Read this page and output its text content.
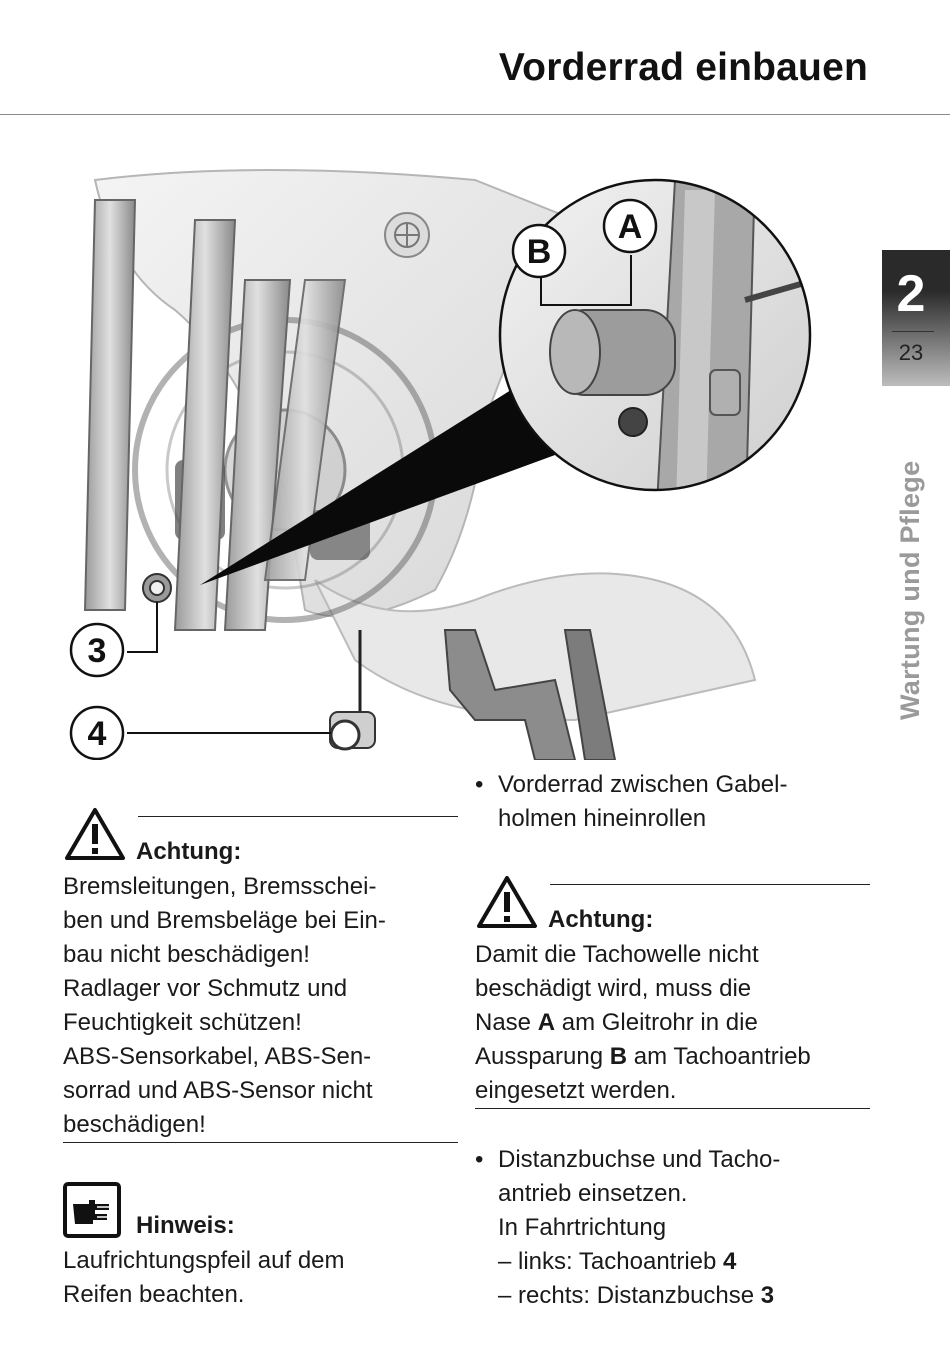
Vorderrad einbauen
2
23
Wartung und Pflege
A
B
3
4
Achtung:
Bremsleitungen, Bremsschei-
ben und Bremsbeläge bei Ein-
bau nicht beschädigen!
Radlager vor Schmutz und
Feuchtigkeit schützen!
ABS-Sensorkabel, ABS-Sen-
sorrad und ABS-Sensor nicht
beschädigen!
Hinweis:
Laufrichtungspfeil auf dem
Reifen beachten.
• Vorderrad zwischen Gabel-
holmen hineinrollen
Achtung:
Damit die Tachowelle nicht
beschädigt wird, muss die
Nase A am Gleitrohr in die
Aussparung B am Tachoantrieb
eingesetzt werden.
• Distanzbuchse und Tacho-
antrieb einsetzen.
In Fahrtrichtung
– links: Tachoantrieb 4
– rechts: Distanzbuchse 3
